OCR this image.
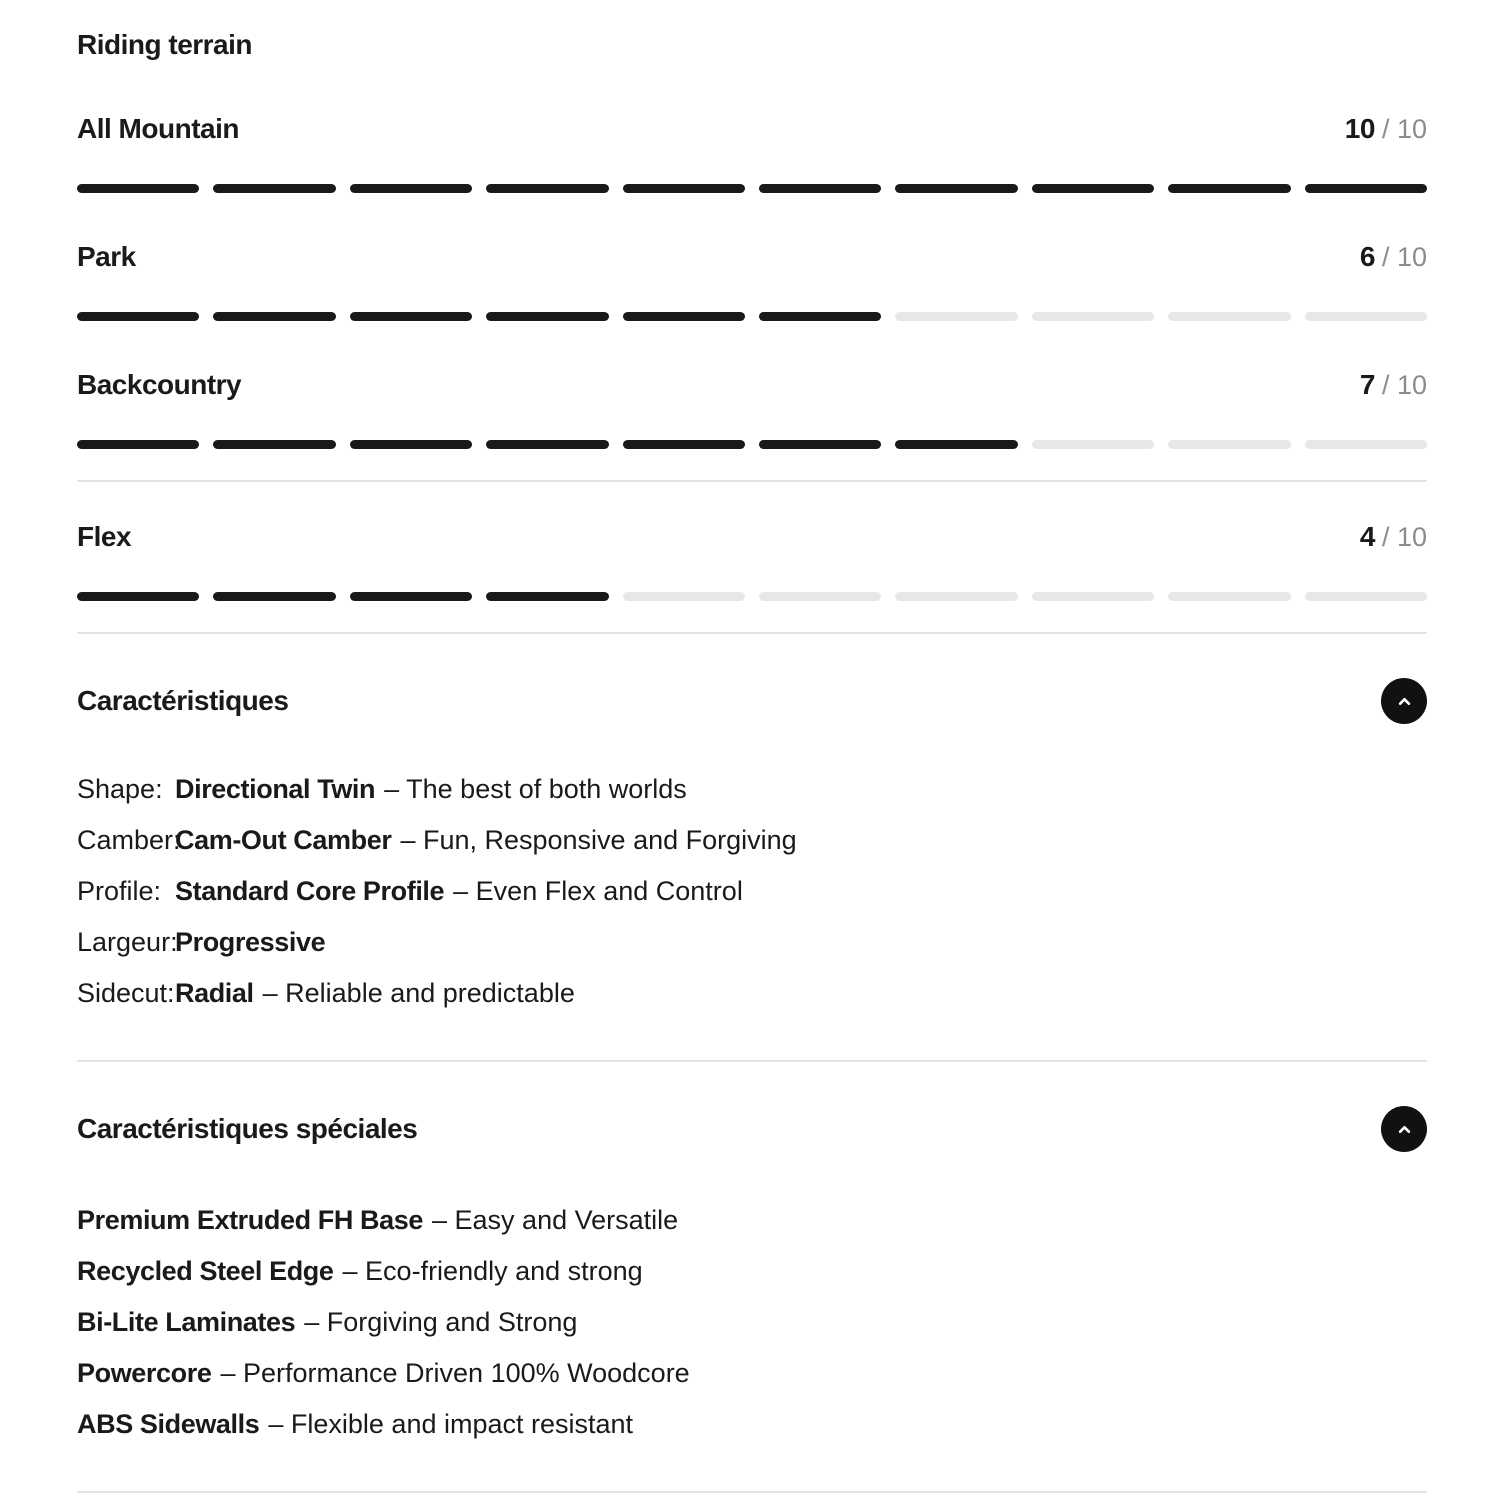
Riding terrain
All Mountain	10 / 10
Park	6 / 10
Backcountry	7 / 10
Flex	4 / 10
Caractéristiques
Shape: Directional Twin – The best of both worlds
Camber:
Cam-Out Camber – Fun, Responsive and Forgiving
Profile: Standard Core Profile – Even Flex and Control
Largeur:
Progressive
Sidecut: Radial – Reliable and predictable
Caractéristiques spéciales
Premium Extruded FH Base – Easy and Versatile
Recycled Steel Edge – Eco-friendly and strong
Bi-Lite Laminates – Forgiving and Strong
Powercore – Performance Driven 100% Woodcore
ABS Sidewalls – Flexible and impact resistant
